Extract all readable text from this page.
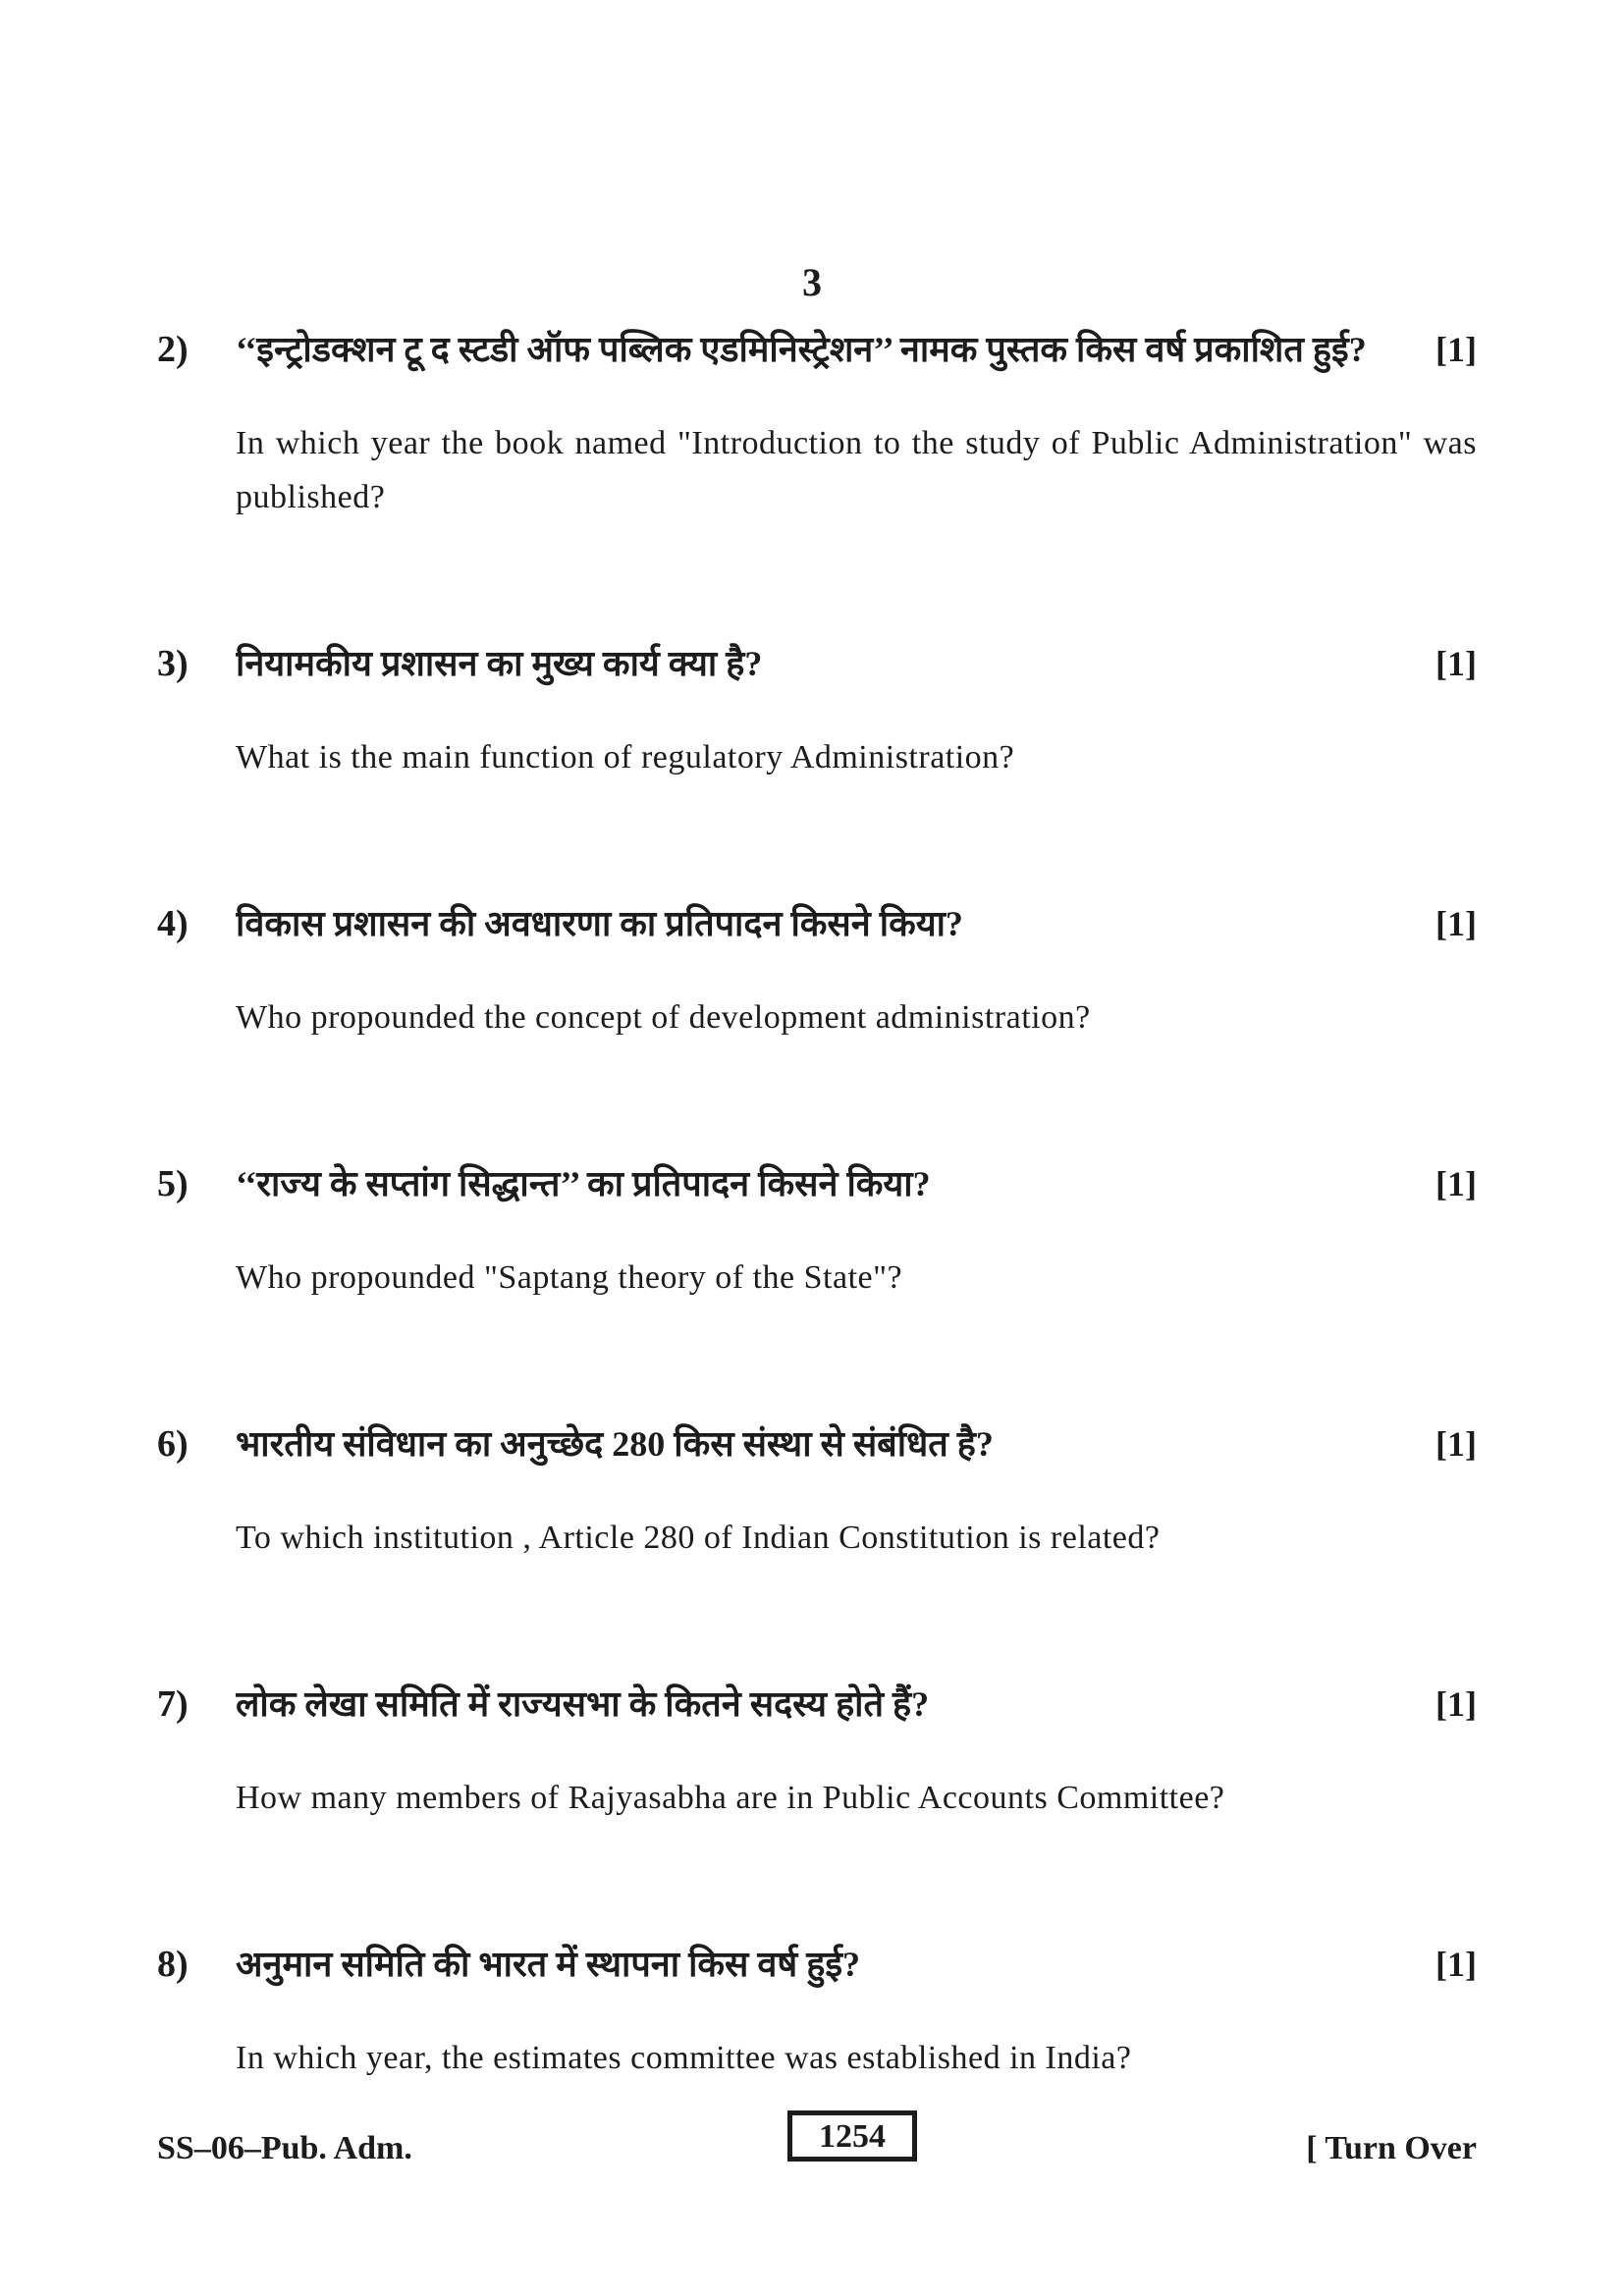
3
2)	‘‘इन्ट्रोडक्शन टू द स्टडी ऑफ पब्लिक एडमिनिस्ट्रेशन’’ नामक पुस्तक किस वर्ष प्रकाशित हुई?	[1]

In which year the book named "Introduction to the study of Public Administration" was published?

3)	नियामकीय प्रशासन का मुख्य कार्य क्या है?	[1]

What is the main function of regulatory Administration?

4)	विकास प्रशासन की अवधारणा का प्रतिपादन किसने किया?	[1]

Who propounded the concept of development administration?

5)	‘‘राज्य के सप्तांग सिद्धान्त’’ का प्रतिपादन किसने किया?	[1]

Who propounded "Saptang theory of the State"?

6)	भारतीय संविधान का अनुच्छेद 280 किस संस्था से संबंधित है?	[1]

To which institution , Article 280 of Indian Constitution is related?

7)	लोक लेखा समिति में राज्यसभा के कितने सदस्य होते हैं?	[1]

How many members of Rajyasabha are in Public Accounts Committee?

8)	अनुमान समिति की भारत में स्थापना किस वर्ष हुई?	[1]

In which year, the estimates committee was established in India?

SS–06–Pub. Adm.	1254	[ Turn Over
